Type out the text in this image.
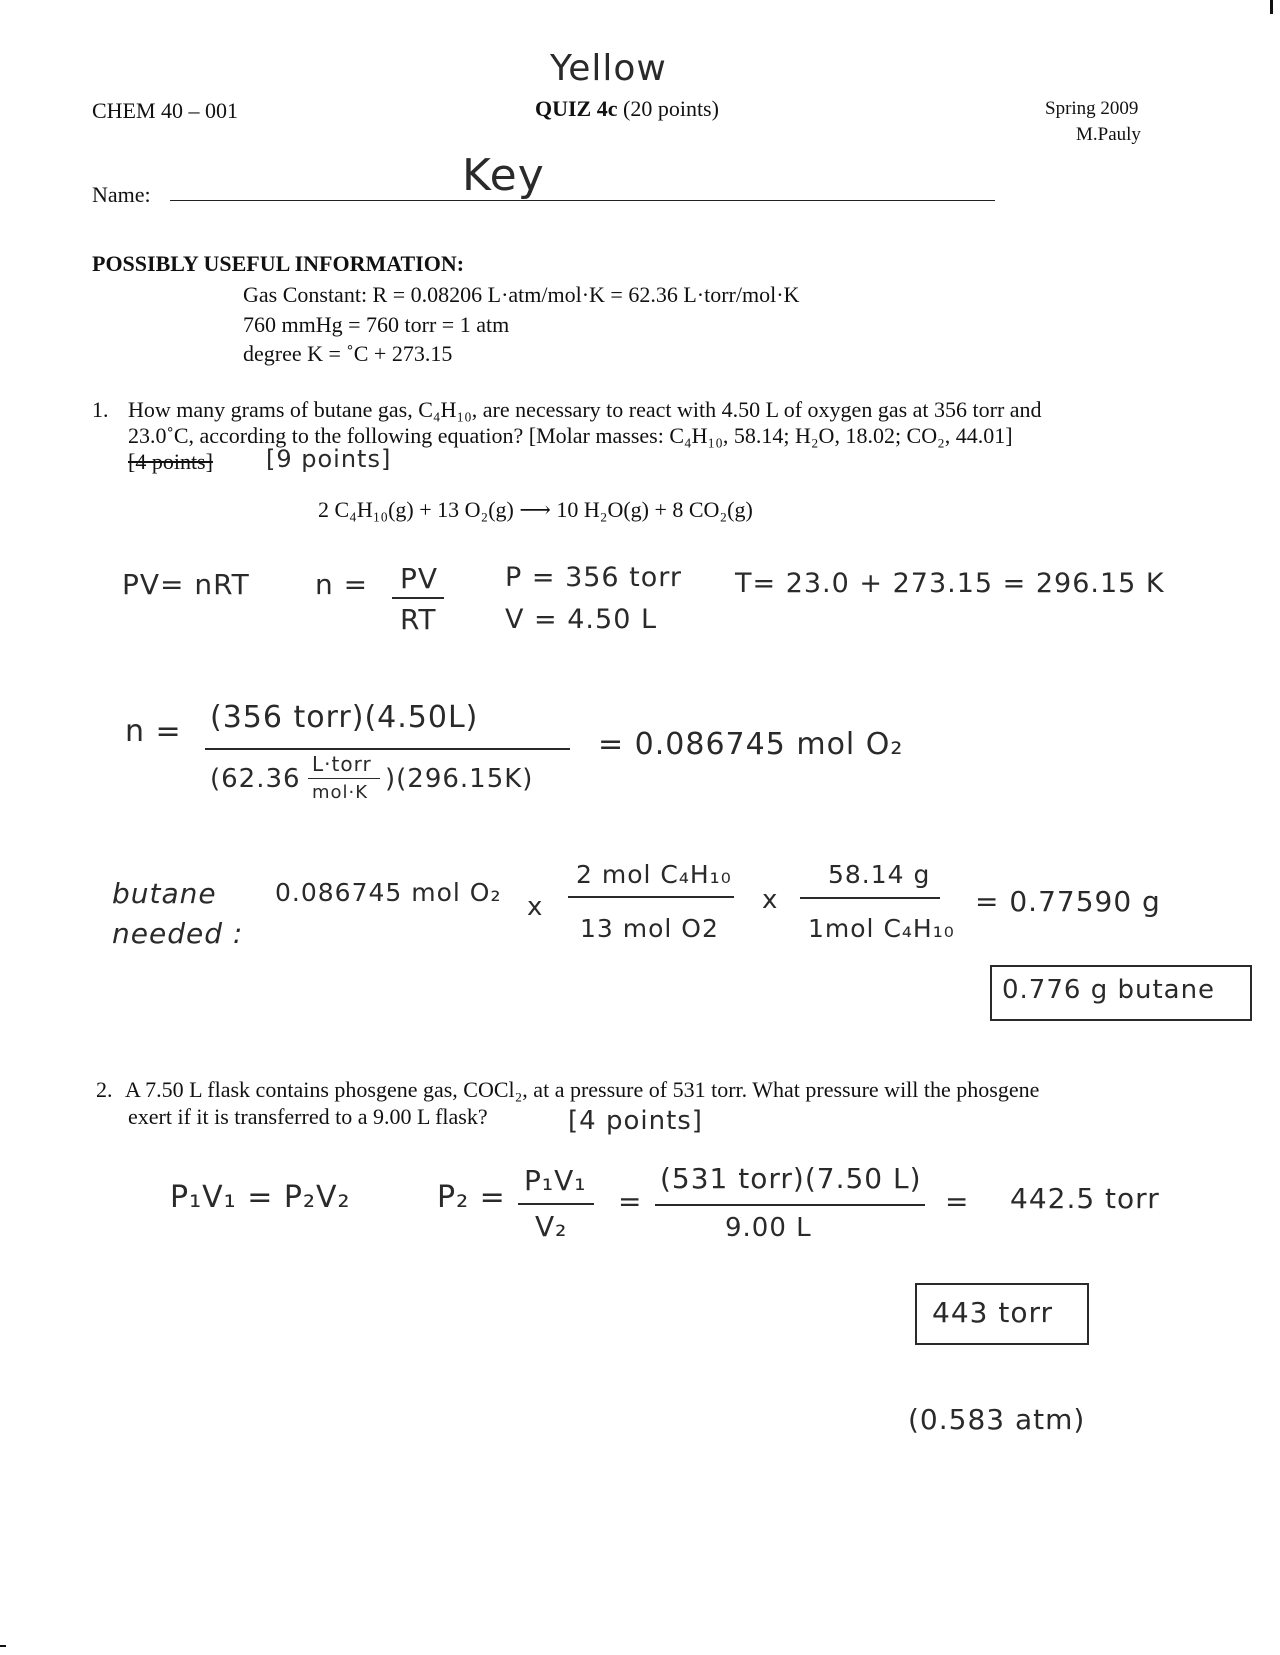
Yellow
CHEM 40 – 001	QUIZ 4c (20 points)	Spring 2009
M.Pauly
Name:	Key
POSSIBLY USEFUL INFORMATION:
Gas Constant: R = 0.08206 L·atm/mol·K = 62.36 L·torr/mol·K
760 mmHg = 760 torr = 1 atm
degree K = ˚C + 273.15
1. How many grams of butane gas, C₄H₁₀, are necessary to react with 4.50 L of oxygen gas at 356 torr and
23.0˚C, according to the following equation? [Molar masses: C₄H₁₀, 58.14; H₂O, 18.02; CO₂, 44.01]
[4 points] [9 points]
2 C₄H₁₀(g) + 13 O₂(g) ⟶ 10 H₂O(g) + 8 CO₂(g)
PV= nRT n = PV
RT
P = 356 torr
V = 4.50 L
T= 23.0 + 273.15 = 296.15 K
n = (356 torr)(4.50L)
(62.36 L·torr
mol·K )(296.15K)
= 0.086745 mol O₂
butane
needed :
0.086745 mol O₂ x
2 mol C₄H₁₀
13 mol O2
x
58.14 g
1mol C₄H₁₀
= 0.77590 g
0.776 g butane
2. A 7.50 L flask contains phosgene gas, COCl₂, at a pressure of 531 torr. What pressure will the phosgene
exert if it is transferred to a 9.00 L flask?	[4 points]
P₁V₁ = P₂V₂	P₂ = P₁V₁
V₂
=
(531 torr)(7.50 L)
9.00 L
= 442.5 torr
443 torr
(0.583 atm)
